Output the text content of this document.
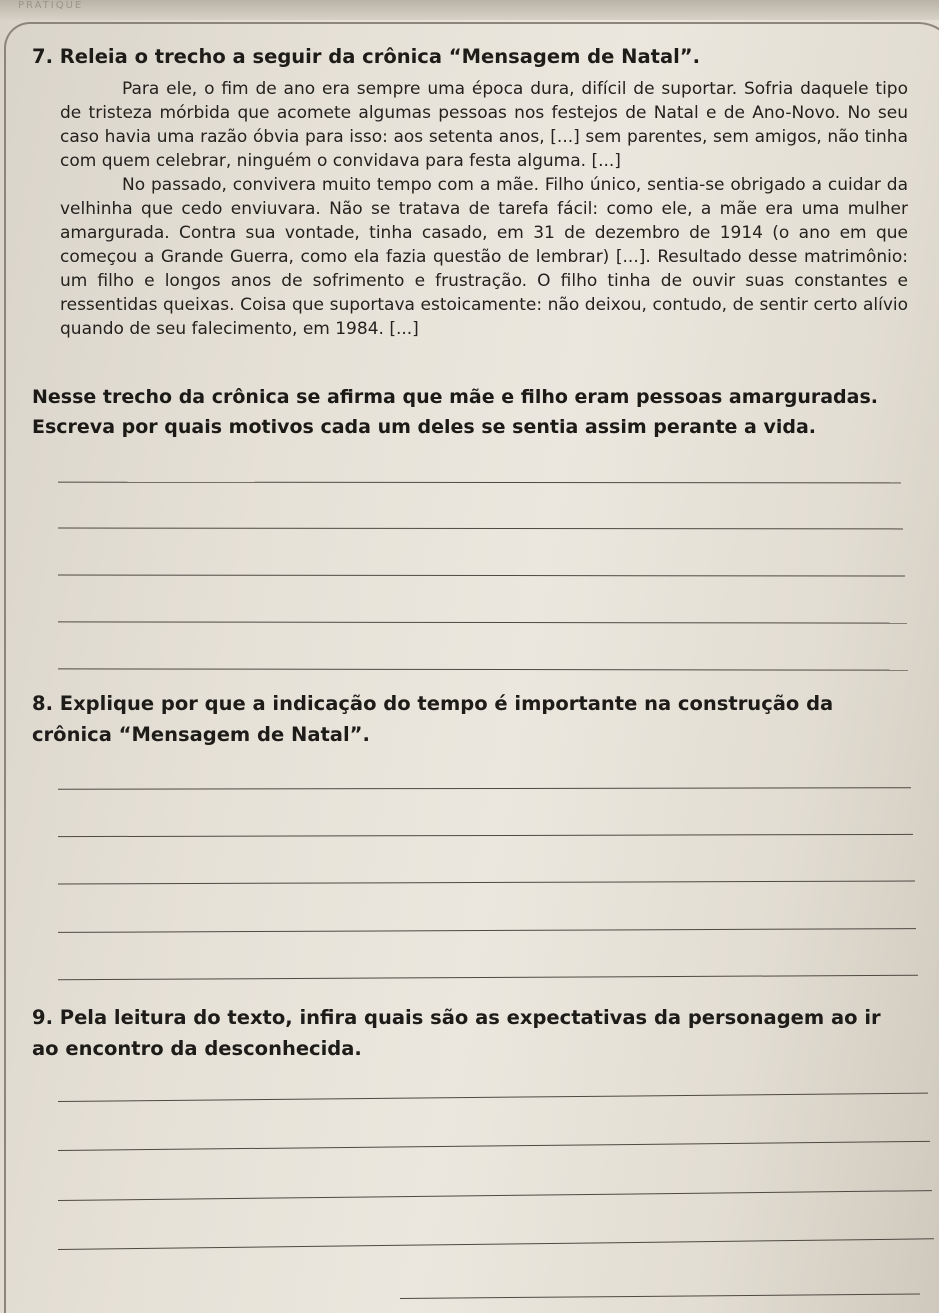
PRÁTIQUE
7. Releia o trecho a seguir da crônica “Mensagem de Natal”.

Para ele, o fim de ano era sempre uma época dura, difícil de suportar. Sofria daquele tipo de tristeza mórbida que acomete algumas pessoas nos festejos de Natal e de Ano-Novo. No seu caso havia uma razão óbvia para isso: aos setenta anos, [...] sem parentes, sem amigos, não tinha com quem celebrar, ninguém o convidava para festa alguma. [...]

No passado, convivera muito tempo com a mãe. Filho único, sentia-se obrigado a cuidar da velhinha que cedo enviuvara. Não se tratava de tarefa fácil: como ele, a mãe era uma mulher amargurada. Contra sua vontade, tinha casado, em 31 de dezembro de 1914 (o ano em que começou a Grande Guerra, como ela fazia questão de lembrar) [...]. Resultado desse matrimônio: um filho e longos anos de sofrimento e frustração. O filho tinha de ouvir suas constantes e ressentidas queixas. Coisa que suportava estoicamente: não deixou, contudo, de sentir certo alívio quando de seu falecimento, em 1984. [...]

Nesse trecho da crônica se afirma que mãe e filho eram pessoas amarguradas. Escreva por quais motivos cada um deles se sentia assim perante a vida.
8. Explique por que a indicação do tempo é importante na construção da crônica “Mensagem de Natal”.
9. Pela leitura do texto, infira quais são as expectativas da personagem ao ir ao encontro da desconhecida.
